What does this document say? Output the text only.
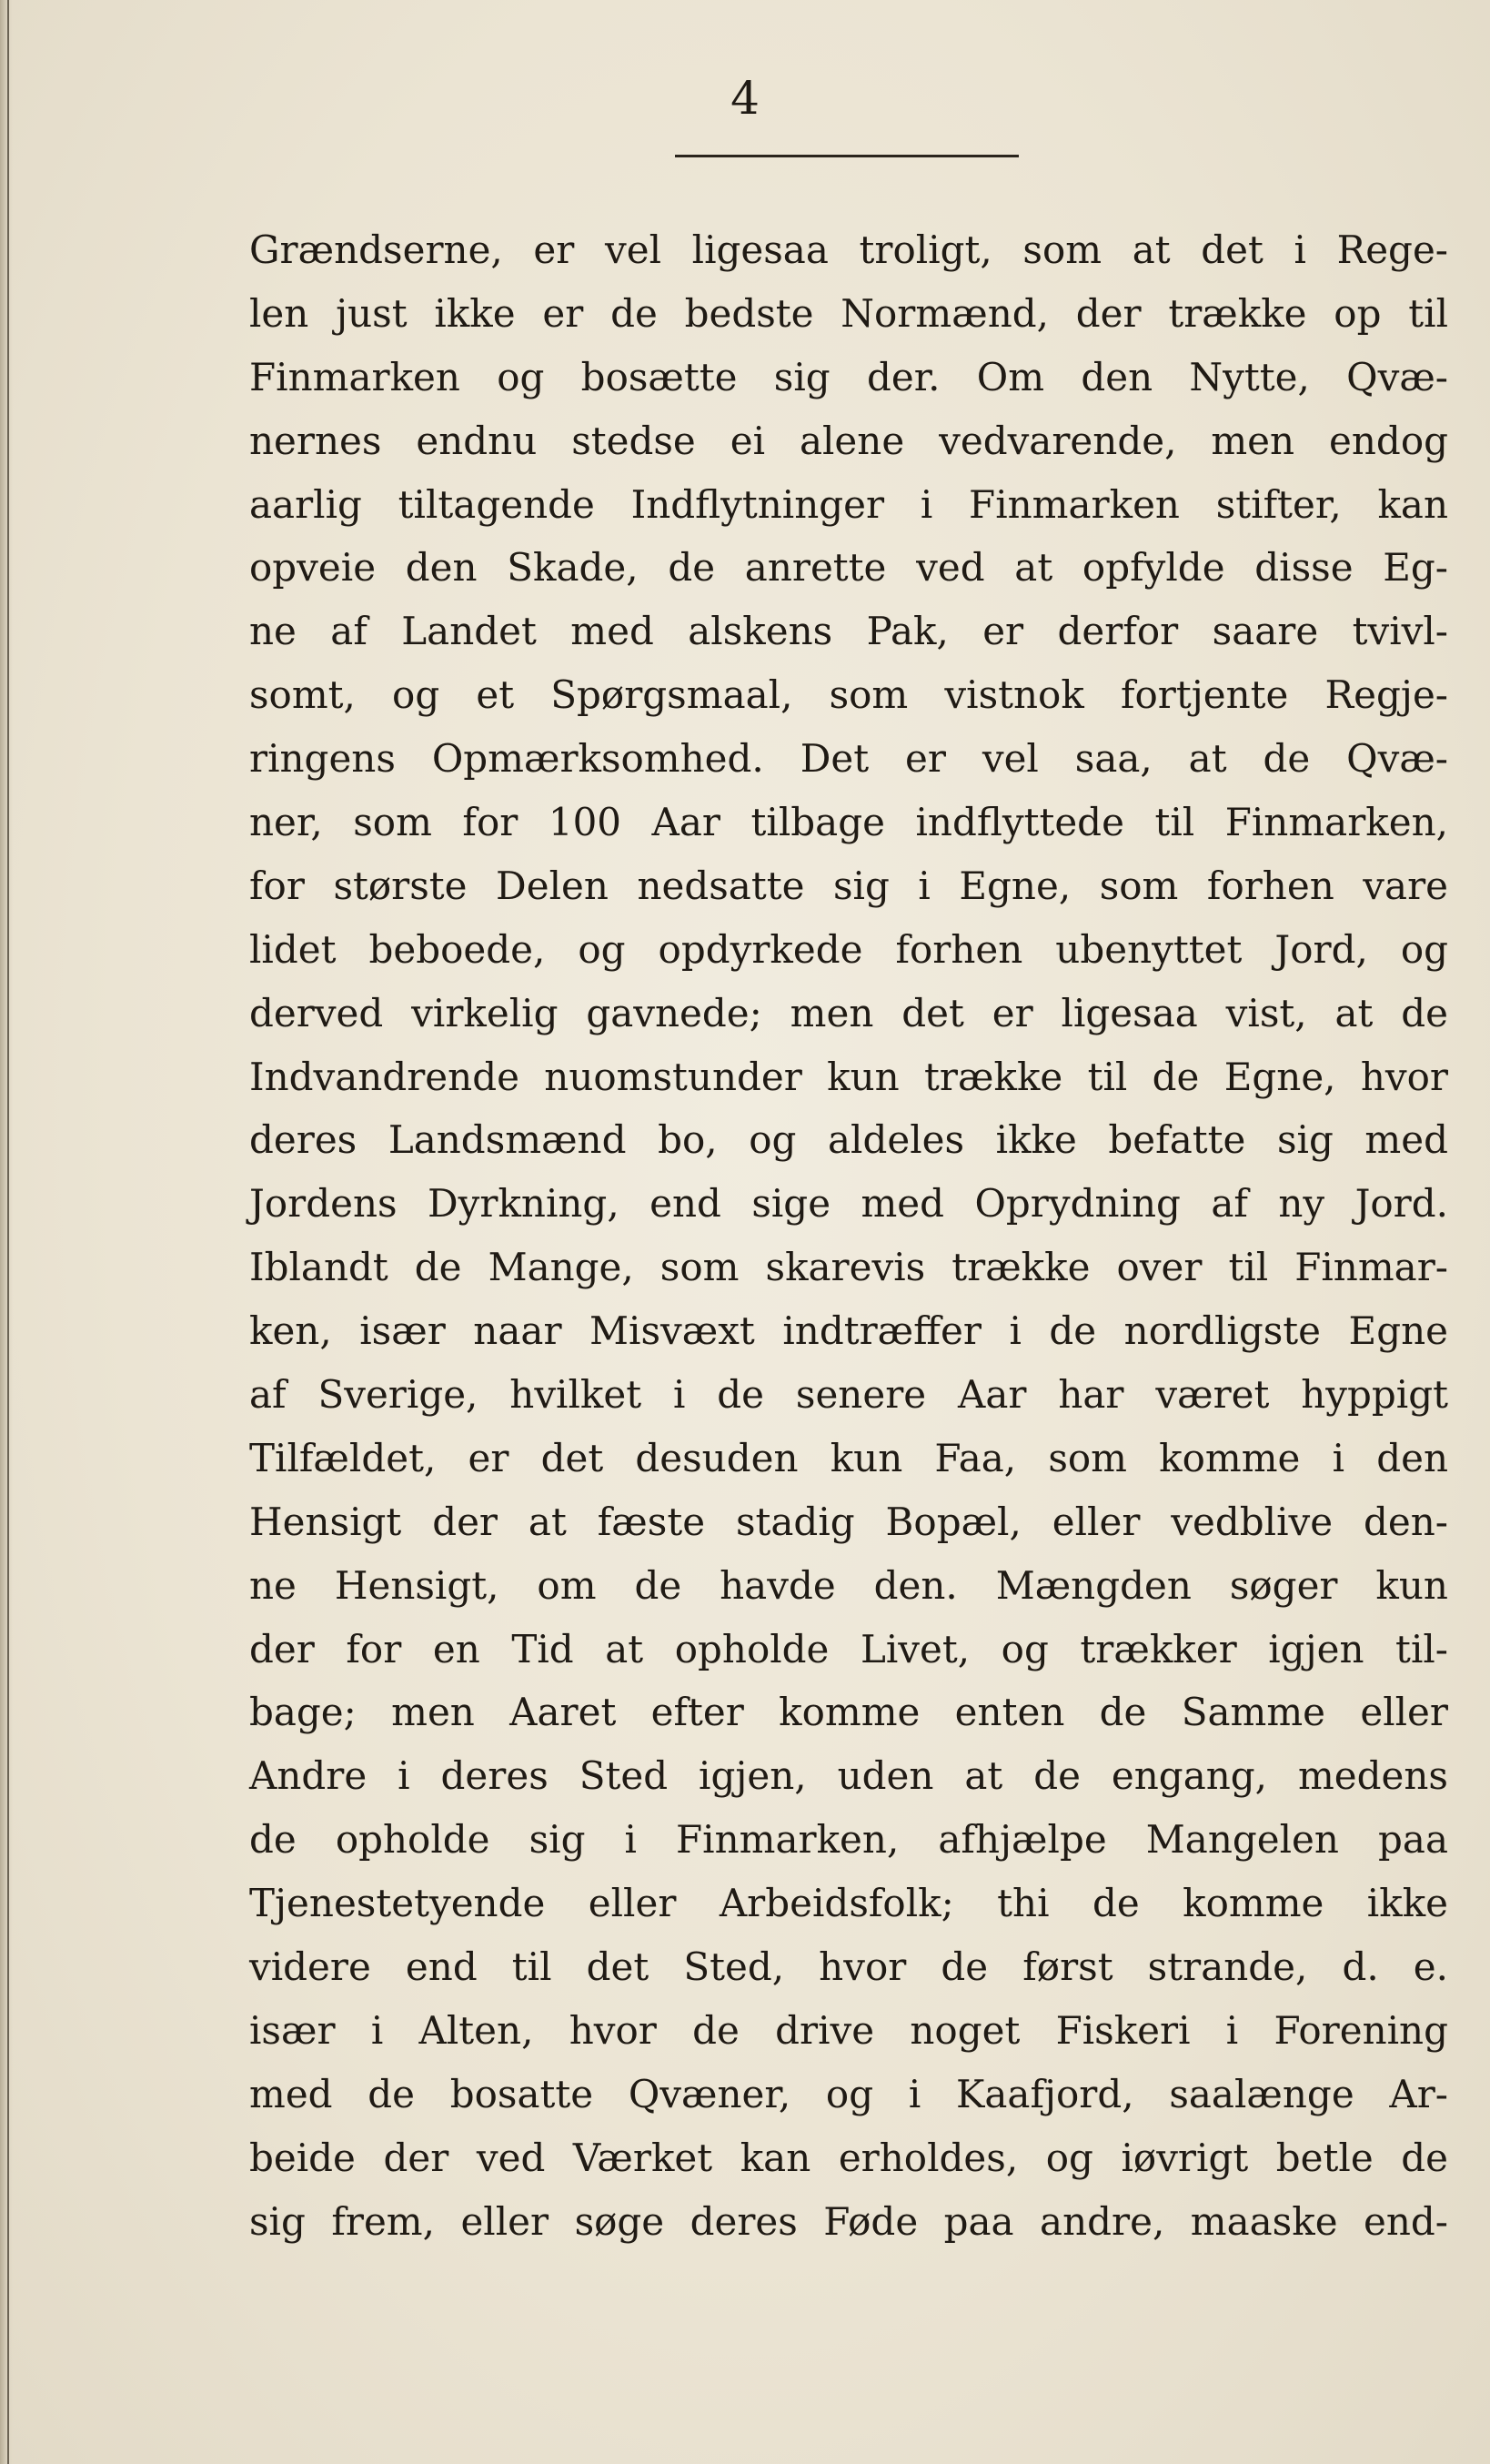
4
Grændserne, er vel ligesaa troligt, som at det i Rege-
len just ikke er de bedste Normænd, der trække op til
Finmarken og bosætte sig der. Om den Nytte, Qvæ-
nernes endnu stedse ei alene vedvarende, men endog
aarlig tiltagende Indflytninger i Finmarken stifter, kan
opveie den Skade, de anrette ved at opfylde disse Eg-
ne af Landet med alskens Pak, er derfor saare tvivl-
somt, og et Spørgsmaal, som vistnok fortjente Regje-
ringens Opmærksomhed. Det er vel saa, at de Qvæ-
ner, som for 100 Aar tilbage indflyttede til Finmarken,
for største Delen nedsatte sig i Egne, som forhen vare
lidet beboede, og opdyrkede forhen ubenyttet Jord, og
derved virkelig gavnede; men det er ligesaa vist, at de
Indvandrende nuomstunder kun trække til de Egne, hvor
deres Landsmænd bo, og aldeles ikke befatte sig med
Jordens Dyrkning, end sige med Oprydning af ny Jord.
Iblandt de Mange, som skarevis trække over til Finmar-
ken, især naar Misvæxt indtræffer i de nordligste Egne
af Sverige, hvilket i de senere Aar har været hyppigt
Tilfældet, er det desuden kun Faa, som komme i den
Hensigt der at fæste stadig Bopæl, eller vedblive den-
ne Hensigt, om de havde den. Mængden søger kun
der for en Tid at opholde Livet, og trækker igjen til-
bage; men Aaret efter komme enten de Samme eller
Andre i deres Sted igjen, uden at de engang, medens
de opholde sig i Finmarken, afhjælpe Mangelen paa
Tjenestetyende eller Arbeidsfolk; thi de komme ikke
videre end til det Sted, hvor de først strande, d. e.
især i Alten, hvor de drive noget Fiskeri i Forening
med de bosatte Qvæner, og i Kaafjord, saalænge Ar-
beide der ved Værket kan erholdes, og iøvrigt betle de
sig frem, eller søge deres Føde paa andre, maaske end-
